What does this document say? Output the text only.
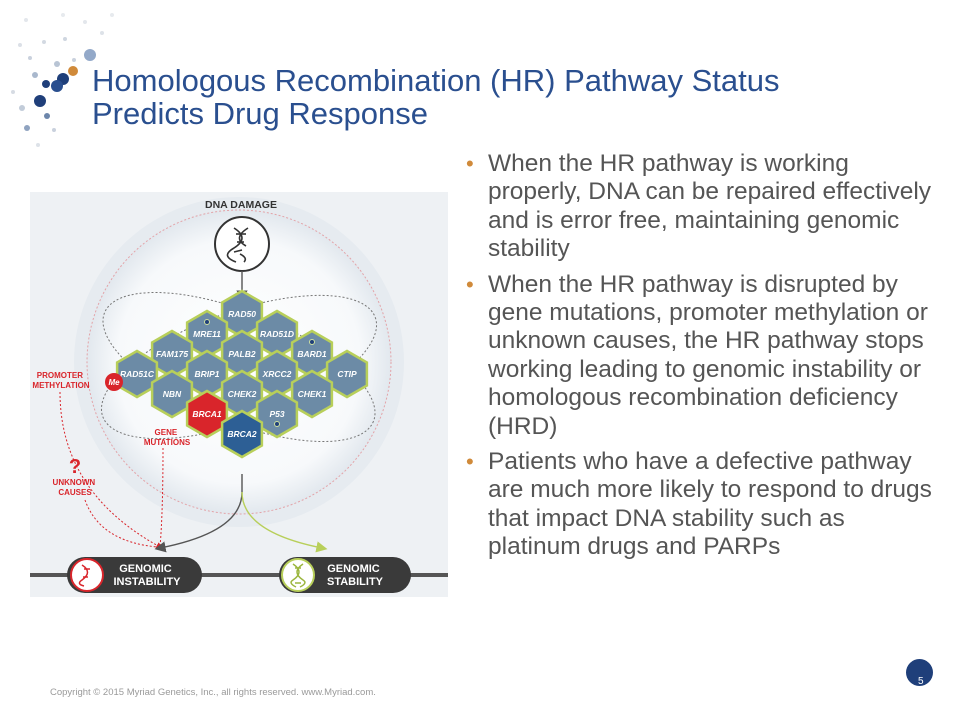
Homologous Recombination (HR) Pathway Status
Predicts Drug Response
• When the HR pathway is working properly, DNA can be repaired effectively and is error free, maintaining genomic stability
• When the HR pathway is disrupted by gene mutations, promoter methylation or unknown causes, the HR pathway stops working leading to genomic instability or homologous recombination deficiency (HRD)
• Patients who have a defective pathway are much more likely to respond to drugs that impact DNA stability such as platinum drugs and PARPs
DNA DAMAGE
RAD50
MRE11	RAD51D
FAM175	PALB2	BARD1
RAD51C	BRIP1	XRCC2	CTIP
NBN	CHEK2	CHEK1
BRCA1	P53
BRCA2
PROMOTER METHYLATION Me
GENE MUTATIONS
?
UNKNOWN CAUSES
GENOMIC INSTABILITY
GENOMIC STABILITY
Copyright © 2015 Myriad Genetics, Inc., all rights reserved. www.Myriad.com.
5
